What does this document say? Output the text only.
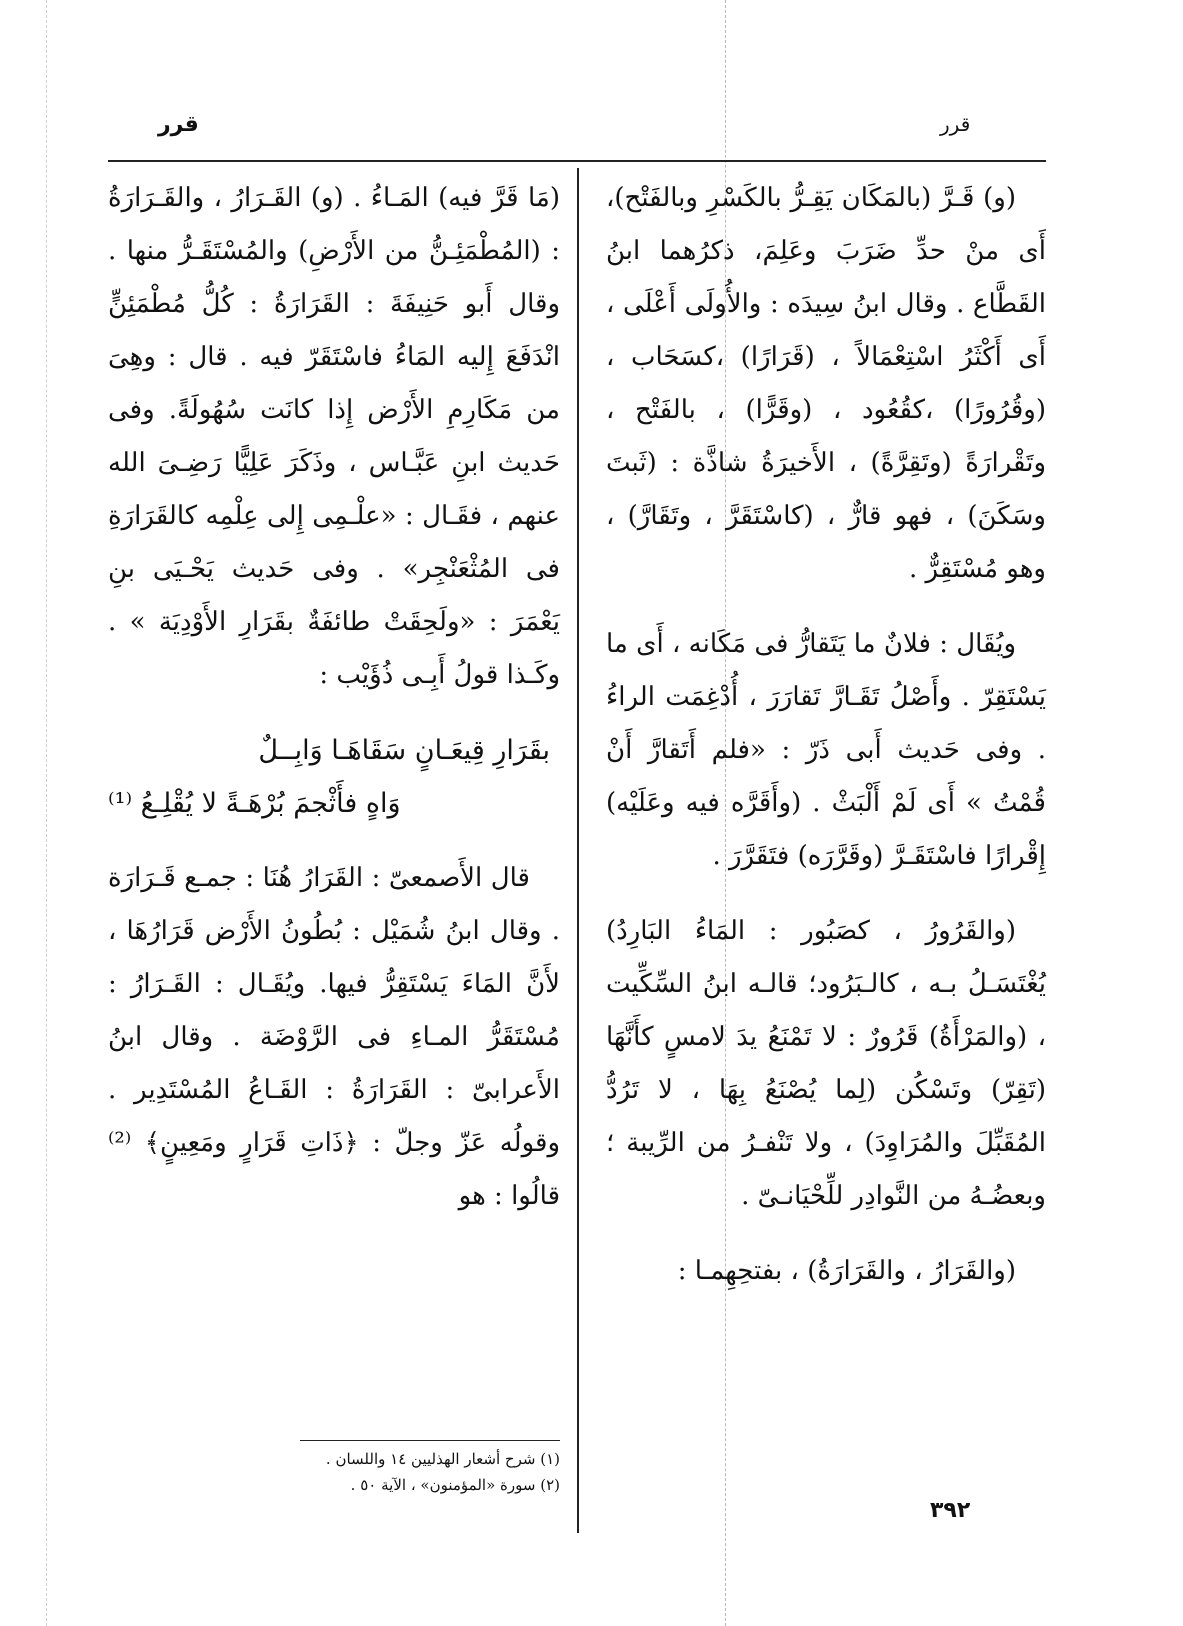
قرر	قرر

(و) قَـرَّ (بالمَكَان يَقِـرُّ بالكَسْرِ وبالفَتْح)، أَى منْ حدِّ ضَرَبَ وعَلِمَ، ذكرُهما ابنُ القَطَّاع . وقال ابنُ سِيدَه : والأُولَى أَعْلَى ، أَى أَكْثَرُ اسْتِعْمَالاً ، (قَرَارًا) ،كسَحَاب ،(وقُرُورًا) ،كقُعُود ، (وقَرًّا) ، بالفَتْح ، وتَقْرارَةً (وتَقِرَّةً) ، الأَخيرَةُ شاذَّة : (ثَبتَ وسَكَنَ) ، فهو قارٌّ ، (كاسْتَقَرَّ ، وتَقَارَّ) ، وهو مُسْتَقِرٌّ .

ويُقَال : فلانٌ ما يَتَقارُّ فى مَكَانه ، أَى ما يَسْتَقِرّ . وأَصْلُ تَقَـارَّ تَقارَرَ ، أُدْغِمَت الراءُ . وفى حَديث أَبى ذَرّ : «فلم أَتَقارَّ أَنْ قُمْتُ » أَى لَمْ أَلْبَثْ . (وأَقَرَّه فيه وعَلَيْه) إِقْرارًا فاسْتَقَـرَّ (وقَرَّرَه) فتَقَرَّرَ .

(والقَرُورُ ، كصَبُور : المَاءُ البَارِدُ) يُغْتَسَـلُ بـه ، كالـبَرُود؛ قالـه ابنُ السِّكِّيت ، (والمَرْأَةُ) قَرُورٌ : لا تَمْنَعُ يدَ لامسٍ كأَنَّهَا (تَقِرّ) وتَسْكُن (لِما يُصْنَعُ بِهَا ، لا تَرُدُّ المُقَبِّلَ والمُرَاوِدَ) ، ولا تَنْفـرُ من الرِّيبة ؛ وبعضُـهُ من النَّوادِر للِّحْيَانـىّ .

(والقَرَارُ ، والقَرَارَةُ) ، بفتحِهِمـا :

(مَا قَرَّ فيه) المَـاءُ . (و) القَـرَارُ ، والقَـرَارَةُ : (المُطْمَئِـنُّ من الأَرْضِ) والمُسْتَقَـرُّ منها . وقال أَبو حَنِيفَةَ : القَرَارَةُ : كُلُّ مُطْمَئِنٍّ انْدَفَعَ إِليه المَاءُ فاسْتَقَرّ فيه . قال : وهِىَ من مَكَارِمِ الأَرْض إِذا كانَت سُهُولَةً. وفى حَديث ابنِ عَبَّـاس ، وذَكَرَ عَلِيًّا رَضِـىَ الله عنهم ، فقَـال : «علْـمِى إِلى عِلْمِه كالقَرَارَةِ فى المُثْعَنْجِر» . وفى حَديث يَحْـيَى بنِ يَعْمَرَ : «ولَحِقَتْ طائفَةٌ بقَرَارِ الأَوْدِيَة » . وكَـذا قولُ أَبِـى ذُؤَيْب :

بقَرَارِ قِيعَـانٍ سَقَاهَـا وَابِــلٌ
وَاهٍ فأَثْجمَ بُرْهَـةً لا يُقْلِـعُ ⁽¹⁾

قال الأَصمعىّ : القَرَارُ هُنَا : جمـع قَـرَارَة . وقال ابنُ شُمَيْل : بُطُونُ الأَرْض قَرَارُهَا ، لأَنَّ المَاءَ يَسْتَقِرُّ فيها. ويُقَـال : القَـرَارُ : مُسْتَقَرُّ المـاءِ فى الرَّوْضَة . وقال ابنُ الأَعرابىّ : القَرَارَةُ : القَـاعُ المُسْتَدِير . وقولُه عَزّ وجلّ : ﴿ذَاتِ قَرَارٍ ومَعِينٍ﴾ ⁽²⁾ قالُوا : هو

(١) شرح أشعار الهذليين ١٤ واللسان .
(٢) سورة «المؤمنون» ، الآية ٥٠ .
٣٩٢
